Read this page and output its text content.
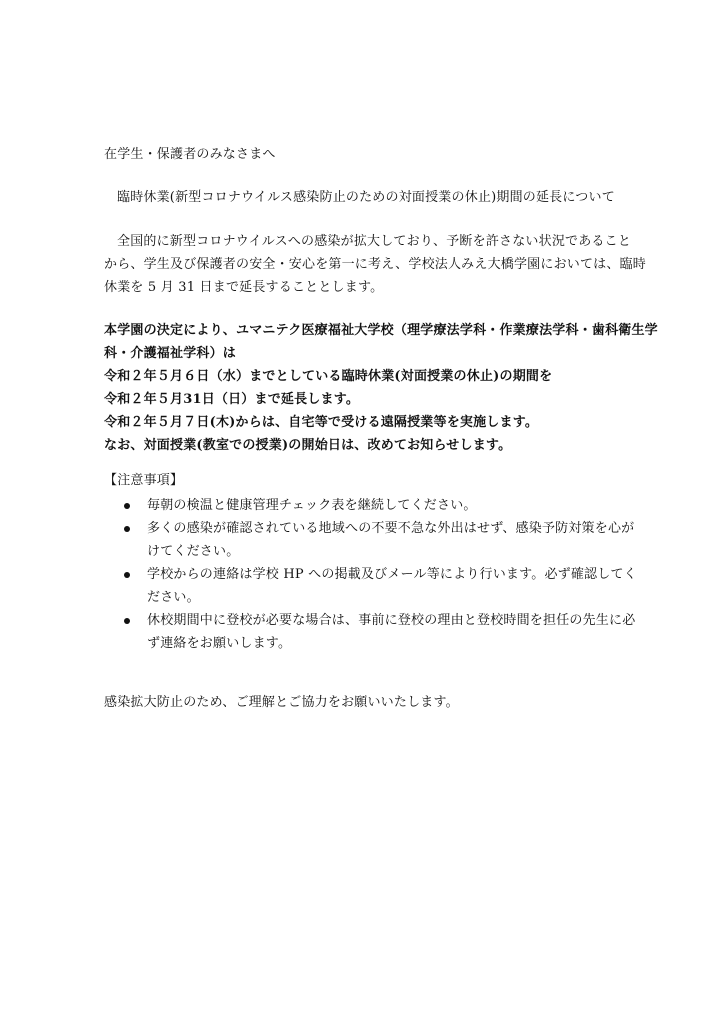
在学生・保護者のみなさまへ
臨時休業(新型コロナウイルス感染防止のための対面授業の休止)期間の延長について
全国的に新型コロナウイルスへの感染が拡大しており、予断を許さない状況であること
から、学生及び保護者の安全・安心を第一に考え、学校法人みえ大橋学園においては、臨時
休業を 5 月 31 日まで延長することとします。
本学園の決定により、ユマニテク医療福祉大学校（理学療法学科・作業療法学科・歯科衛生学
科・介護福祉学科）は
令和２年５月６日（水）までとしている臨時休業(対面授業の休止)の期間を
令和２年５月31日（日）まで延長します。
令和２年５月７日(木)からは、自宅等で受ける遠隔授業等を実施します。
なお、対面授業(教室での授業)の開始日は、改めてお知らせします。
【注意事項】
毎朝の検温と健康管理チェック表を継続してください。
多くの感染が確認されている地域への不要不急な外出はせず、感染予防対策を心が
けてください。
学校からの連絡は学校 HP への掲載及びメール等により行います。必ず確認してく
ださい。
休校期間中に登校が必要な場合は、事前に登校の理由と登校時間を担任の先生に必
ず連絡をお願いします。
感染拡大防止のため、ご理解とご協力をお願いいたします。
